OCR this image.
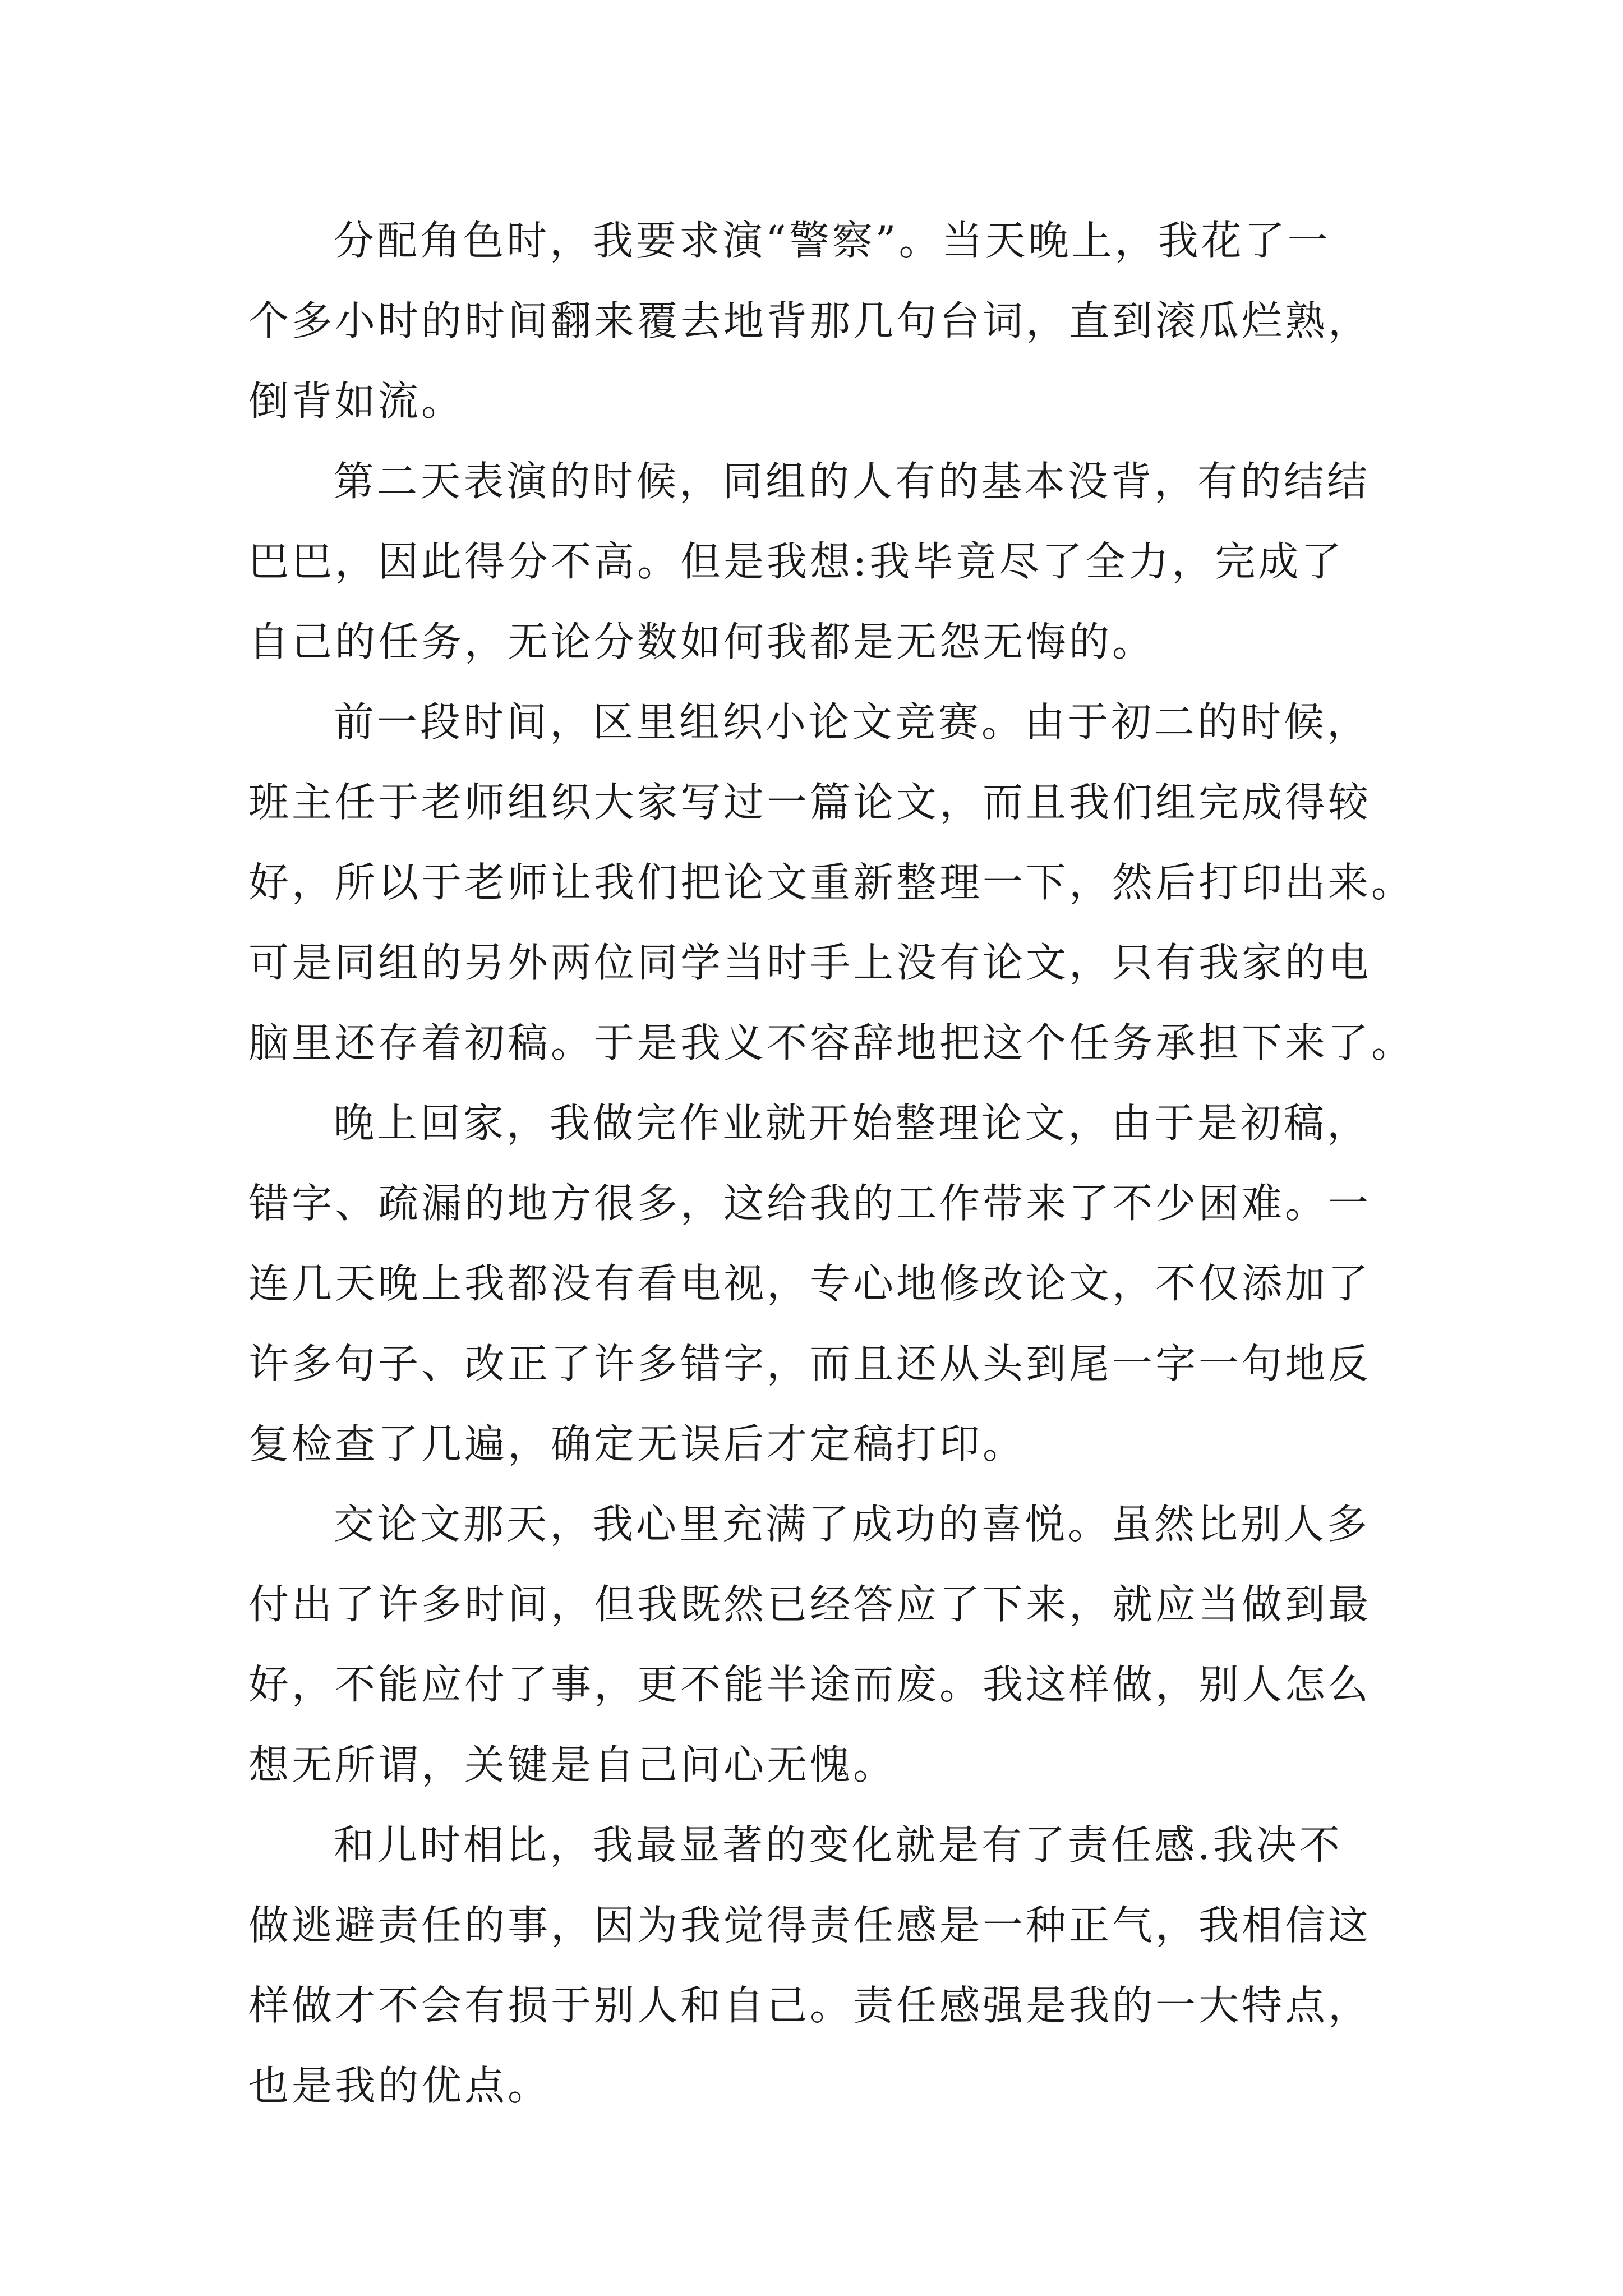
分配角色时，我要求演“警察”。当天晚上，我花了一
个多小时的时间翻来覆去地背那几句台词，直到滚瓜烂熟，
倒背如流。
第二天表演的时候，同组的人有的基本没背，有的结结
巴巴，因此得分不高。但是我想:我毕竟尽了全力，完成了
自己的任务，无论分数如何我都是无怨无悔的。
前一段时间，区里组织小论文竞赛。由于初二的时候，
班主任于老师组织大家写过一篇论文，而且我们组完成得较
好，所以于老师让我们把论文重新整理一下，然后打印出来。
可是同组的另外两位同学当时手上没有论文，只有我家的电
脑里还存着初稿。于是我义不容辞地把这个任务承担下来了。
晚上回家，我做完作业就开始整理论文，由于是初稿，
错字、疏漏的地方很多，这给我的工作带来了不少困难。一
连几天晚上我都没有看电视，专心地修改论文，不仅添加了
许多句子、改正了许多错字，而且还从头到尾一字一句地反
复检查了几遍，确定无误后才定稿打印。
交论文那天，我心里充满了成功的喜悦。虽然比别人多
付出了许多时间，但我既然已经答应了下来，就应当做到最
好，不能应付了事，更不能半途而废。我这样做，别人怎么
想无所谓，关键是自己问心无愧。
和儿时相比，我最显著的变化就是有了责任感.我决不
做逃避责任的事，因为我觉得责任感是一种正气，我相信这
样做才不会有损于别人和自己。责任感强是我的一大特点，
也是我的优点。
